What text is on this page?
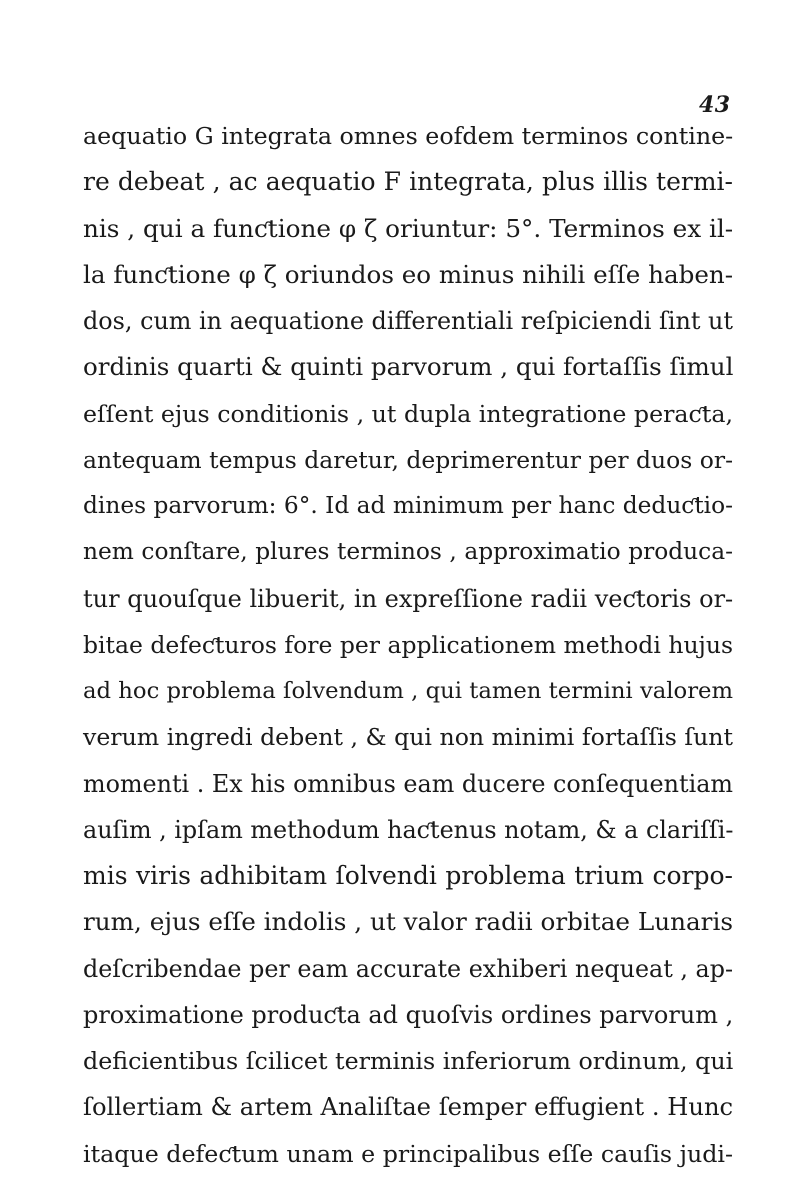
43
aequatio G integrata omnes eofdem terminos contine-
re debeat , ac aequatio F integrata, plus illis termi-
nis , qui a funƈtione φ ζ oriuntur: 5°. Terminos ex il-
la funƈtione φ ζ oriundos eo minus nihili eſſe haben-
dos, cum in aequatione differentiali reſpiciendi ſint ut
ordinis quarti & quinti parvorum , qui fortaſſis ſimul
eſſent ejus conditionis , ut dupla integratione peraƈta,
antequam tempus daretur, deprimerentur per duos or-
dines parvorum: 6°. Id ad minimum per hanc deduƈtio-
nem conſtare, plures terminos , approximatio produca-
tur quouſque libuerit, in expreſſione radii veƈtoris or-
bitae defeƈturos fore per applicationem methodi hujus
ad hoc problema ſolvendum , qui tamen termini valorem
verum ingredi debent , & qui non minimi fortaſſis ſunt
momenti . Ex his omnibus eam ducere conſequentiam
auſim , ipſam methodum haƈtenus notam, & a clariſſi-
mis viris adhibitam ſolvendi problema trium corpo-
rum, ejus eſſe indolis , ut valor radii orbitae Lunaris
deſcribendae per eam accurate exhiberi nequeat , ap-
proximatione produƈta ad quoſvis ordines parvorum ,
deficientibus ſcilicet terminis inferiorum ordinum, qui
ſollertiam & artem Analiſtae ſemper effugient . Hunc
itaque defeƈtum unam e principalibus eſſe cauſis judi-
